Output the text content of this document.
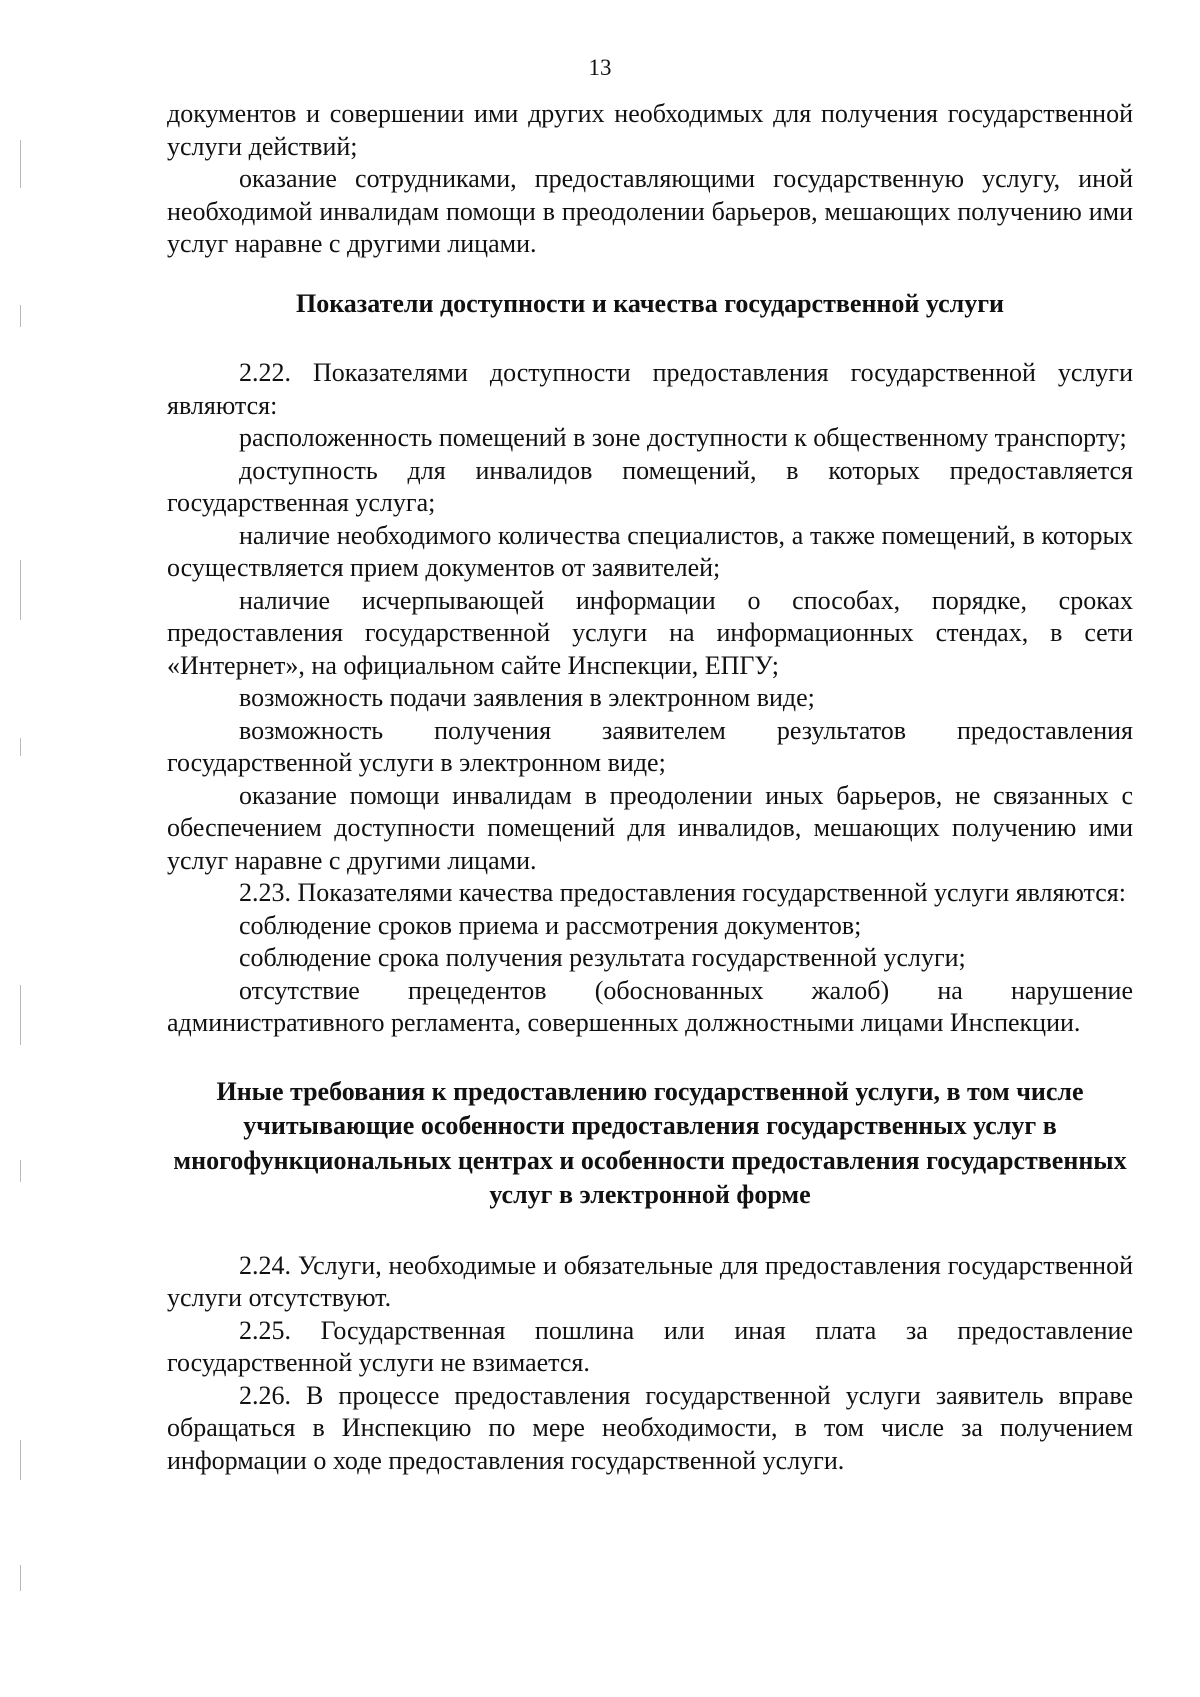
13

документов и совершении ими других необходимых для получения государственной услуги действий;

оказание сотрудниками, предоставляющими государственную услугу, иной необходимой инвалидам помощи в преодолении барьеров, мешающих получению ими услуг наравне с другими лицами.

Показатели доступности и качества государственной услуги

2.22. Показателями доступности предоставления государственной услуги являются:

расположенность помещений в зоне доступности к общественному транспорту;

доступность для инвалидов помещений, в которых предоставляется государственная услуга;

наличие необходимого количества специалистов, а также помещений, в которых осуществляется прием документов от заявителей;

наличие исчерпывающей информации о способах, порядке, сроках предоставления государственной услуги на информационных стендах, в сети «Интернет», на официальном сайте Инспекции, ЕПГУ;

возможность подачи заявления в электронном виде;

возможность получения заявителем результатов предоставления государственной услуги в электронном виде;

оказание помощи инвалидам в преодолении иных барьеров, не связанных с обеспечением доступности помещений для инвалидов, мешающих получению ими услуг наравне с другими лицами.

2.23. Показателями качества предоставления государственной услуги являются:

соблюдение сроков приема и рассмотрения документов;

соблюдение срока получения результата государственной услуги;

отсутствие прецедентов (обоснованных жалоб) на нарушение административного регламента, совершенных должностными лицами Инспекции.

Иные требования к предоставлению государственной услуги, в том числе учитывающие особенности предоставления государственных услуг в многофункциональных центрах и особенности предоставления государственных услуг в электронной форме

2.24. Услуги, необходимые и обязательные для предоставления государственной услуги отсутствуют.

2.25. Государственная пошлина или иная плата за предоставление государственной услуги не взимается.

2.26. В процессе предоставления государственной услуги заявитель вправе обращаться в Инспекцию по мере необходимости, в том числе за получением информации о ходе предоставления государственной услуги.
